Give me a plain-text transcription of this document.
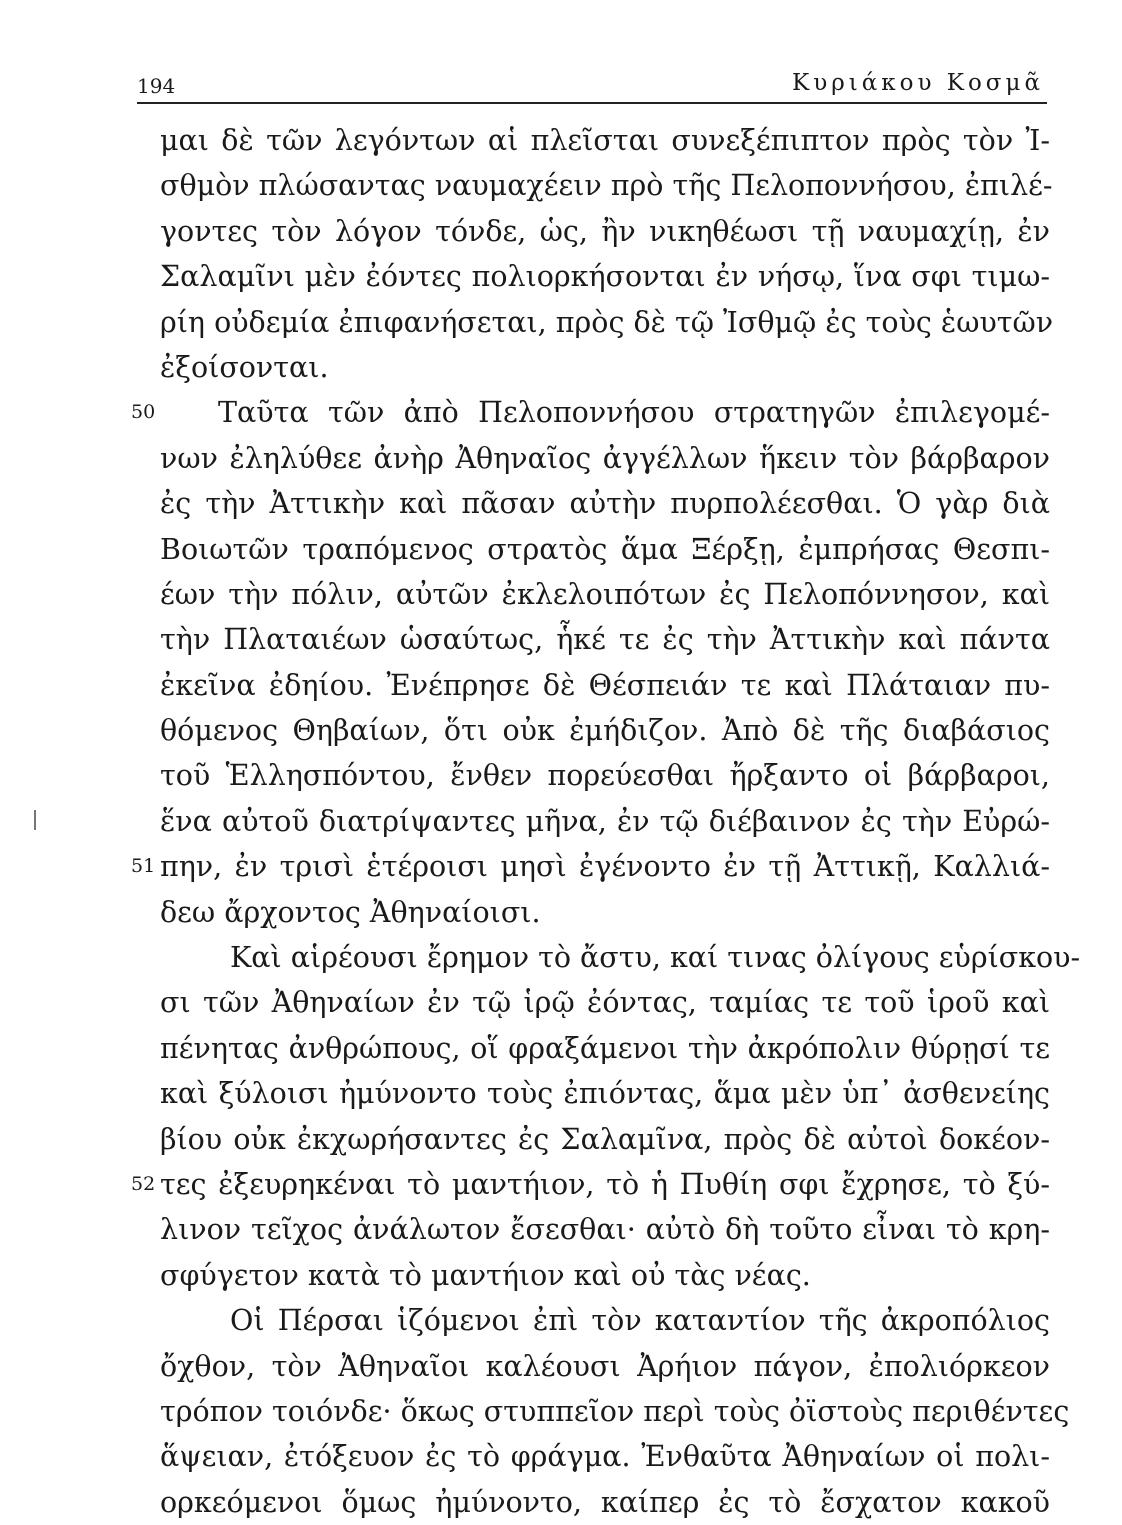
194	Κυριάκου Κοσμᾶ
50
51
52
μαι δὲ τῶν λεγόντων αἱ πλεῖσται συνεξέπιπτον πρὸς τὸν Ἰ-
σθμὸν πλώσαντας ναυμαχέειν πρὸ τῆς Πελοποννήσου, ἐπιλέ-
γοντες τὸν λόγον τόνδε, ὡς, ἢν νικηθέωσι τῇ ναυμαχίῃ, ἐν
Σαλαμῖνι μὲν ἐόντες πολιορκήσονται ἐν νήσῳ, ἵνα σφι τιμω-
ρίη οὐδεμία ἐπιφανήσεται, πρὸς δὲ τῷ Ἰσθμῷ ἐς τοὺς ἑωυτῶν
ἐξοίσονται.
Ταῦτα τῶν ἀπὸ Πελοποννήσου στρατηγῶν ἐπιλεγομέ-
νων ἐληλύθεε ἀνὴρ Ἀθηναῖος ἀγγέλλων ἥκειν τὸν βάρβαρον
ἐς τὴν Ἀττικὴν καὶ πᾶσαν αὐτὴν πυρπολέεσθαι. Ὁ γὰρ διὰ
Βοιωτῶν τραπόμενος στρατὸς ἅμα Ξέρξῃ, ἐμπρήσας Θεσπι-
έων τὴν πόλιν, αὐτῶν ἐκλελοιπότων ἐς Πελοπόννησον, καὶ
τὴν Πλαταιέων ὡσαύτως, ἧκέ τε ἐς τὴν Ἀττικὴν καὶ πάντα
ἐκεῖνα ἐδηίου. Ἐνέπρησε δὲ Θέσπειάν τε καὶ Πλάταιαν πυ-
θόμενος Θηβαίων, ὅτι οὐκ ἐμήδιζον. Ἀπὸ δὲ τῆς διαβάσιος
τοῦ Ἑλλησπόντου, ἔνθεν πορεύεσθαι ἤρξαντο οἱ βάρβαροι,
ἕνα αὐτοῦ διατρίψαντες μῆνα, ἐν τῷ διέβαινον ἐς τὴν Εὐρώ-
πην, ἐν τρισὶ ἑτέροισι μησὶ ἐγένοντο ἐν τῇ Ἀττικῇ, Καλλιά-
δεω ἄρχοντος Ἀθηναίοισι.
Καὶ αἱρέουσι ἔρημον τὸ ἄστυ, καί τινας ὀλίγους εὑρίσκου-
σι τῶν Ἀθηναίων ἐν τῷ ἱρῷ ἐόντας, ταμίας τε τοῦ ἱροῦ καὶ
πένητας ἀνθρώπους, οἵ φραξάμενοι τὴν ἀκρόπολιν θύρῃσί τε
καὶ ξύλοισι ἠμύνοντο τοὺς ἐπιόντας, ἅμα μὲν ὑπ᾽ ἀσθενείης
βίου οὐκ ἐκχωρήσαντες ἐς Σαλαμῖνα, πρὸς δὲ αὐτοὶ δοκέον-
τες ἐξευρηκέναι τὸ μαντήιον, τὸ ἡ Πυθίη σφι ἔχρησε, τὸ ξύ-
λινον τεῖχος ἀνάλωτον ἔσεσθαι· αὐτὸ δὴ τοῦτο εἶναι τὸ κρη-
σφύγετον κατὰ τὸ μαντήιον καὶ οὐ τὰς νέας.
Οἱ Πέρσαι ἱζόμενοι ἐπὶ τὸν καταντίον τῆς ἀκροπόλιος
ὄχθον, τὸν Ἀθηναῖοι καλέουσι Ἀρήιον πάγον, ἐπολιόρκεον
τρόπον τοιόνδε· ὅκως στυππεῖον περὶ τοὺς ὀϊστοὺς περιθέντες
ἅψειαν, ἐτόξευον ἐς τὸ φράγμα. Ἐνθαῦτα Ἀθηναίων οἱ πολι-
ορκεόμενοι ὅμως ἠμύνοντο, καίπερ ἐς τὸ ἔσχατον κακοῦ
